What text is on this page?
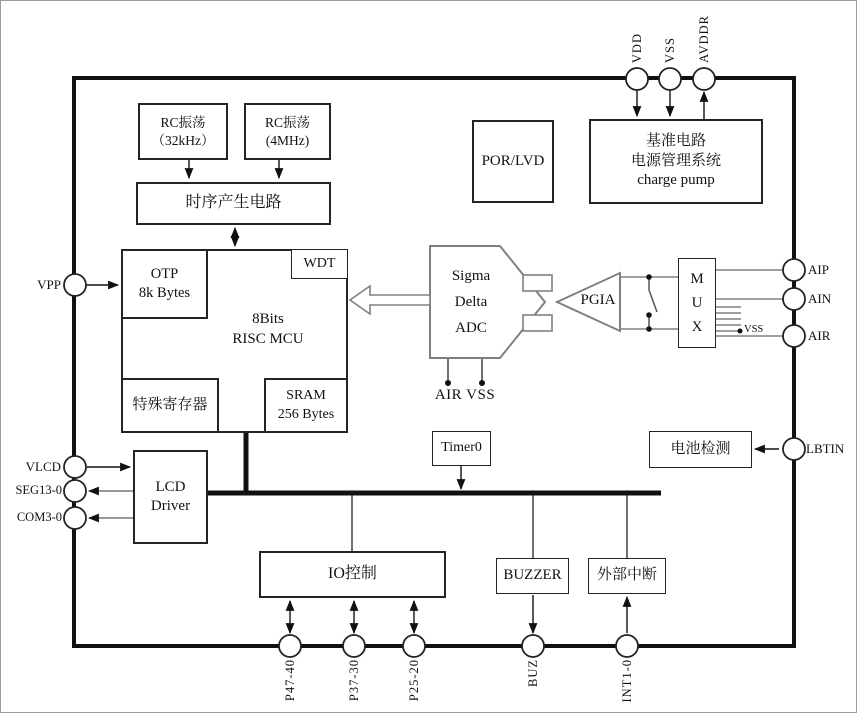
RC振荡
（32kHz）
RC振荡
(4MHz)
时序产生电路
POR/LVD
基准电路
电源管理系统
charge pump
8Bits
RISC MCU
OTP
8k Bytes
WDT
特殊寄存器
SRAM
256 Bytes
Sigma
Delta
ADC
AIR VSS
PGIA
M
U
X	VSS
LCD
Driver
Timer0	电池检测
IO控制	BUZZER 外部中断
VDD VSS AVDDR
VPP
VLCD
SEG13-0
COM3-0
AIP
AIN
AIR
LBTIN
P47-40	P37-30	P25-20	BUZ	INT1-0
